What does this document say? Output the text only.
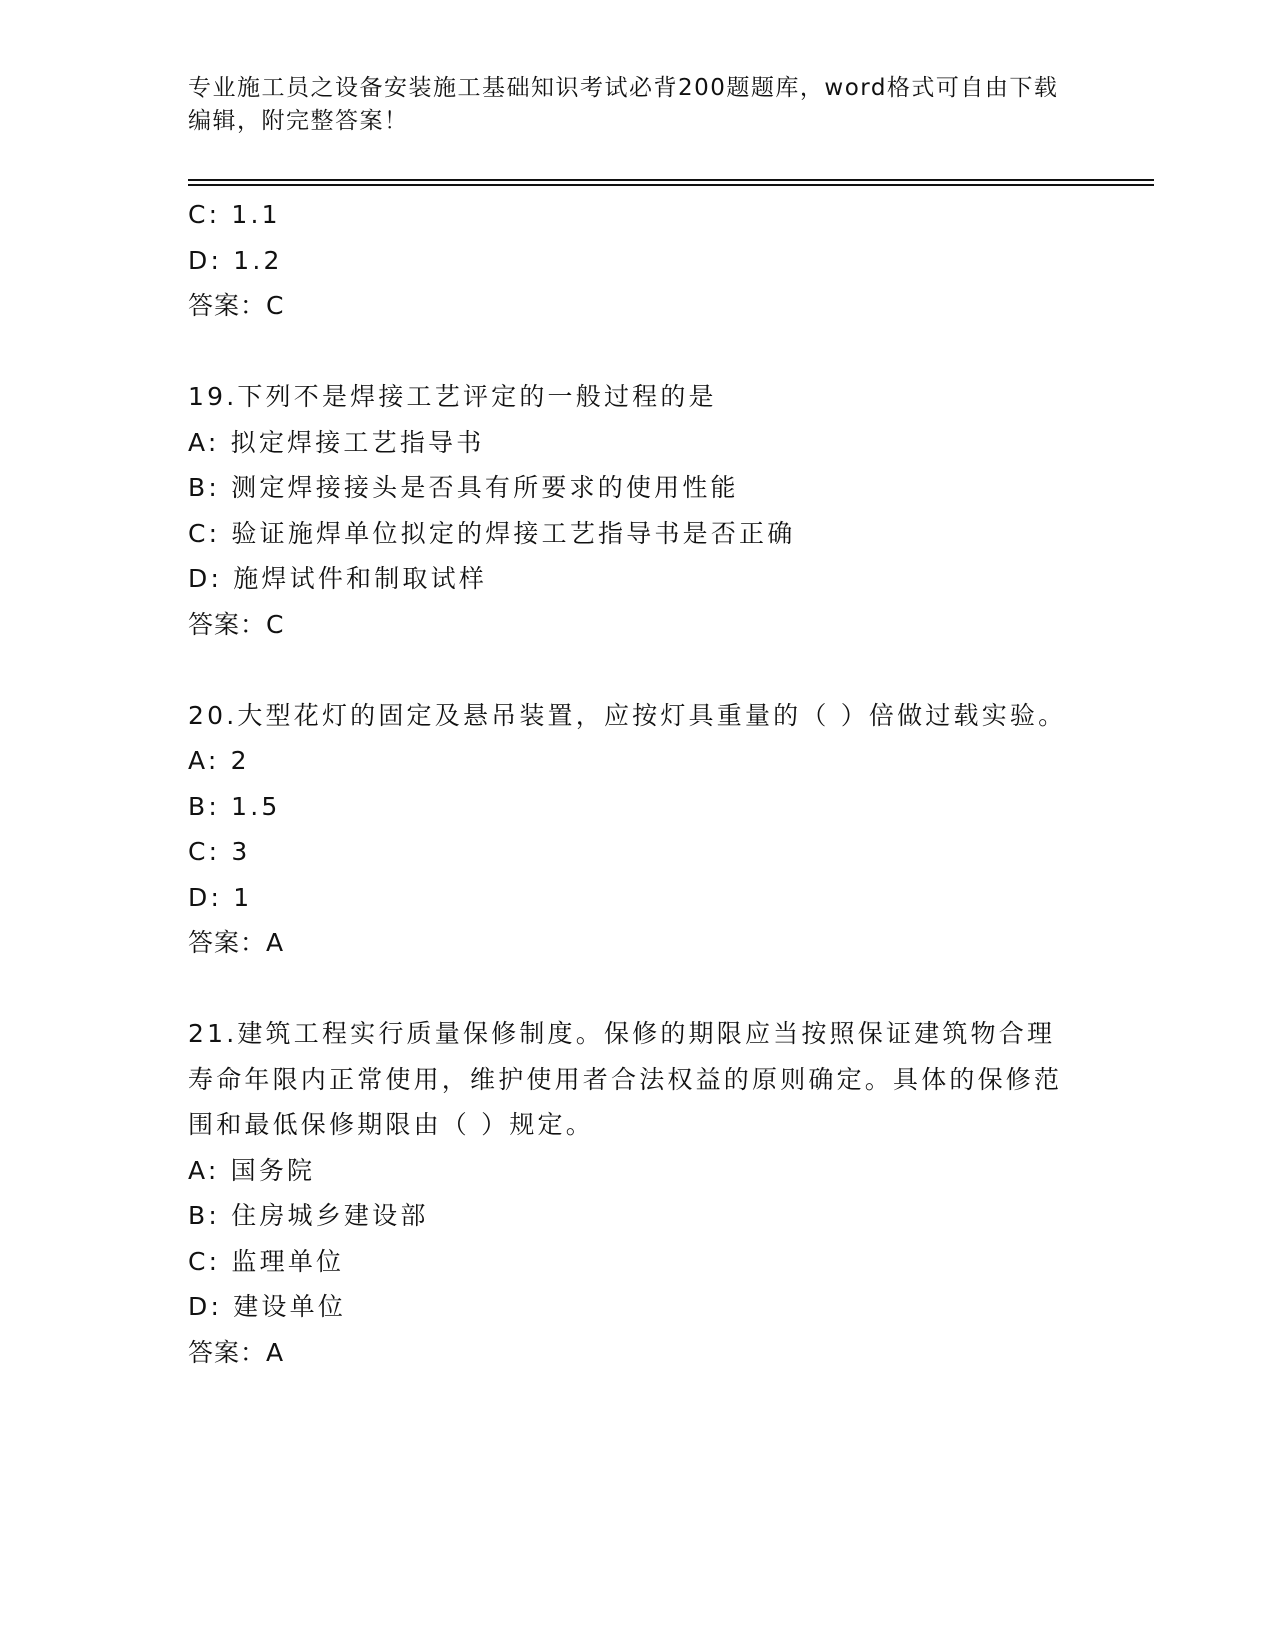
专业施工员之设备安装施工基础知识考试必背200题题库，word格式可自由下载编辑，附完整答案！
C: 1.1
D: 1.2
答案：C
19.下列不是焊接工艺评定的一般过程的是
A: 拟定焊接工艺指导书
B: 测定焊接接头是否具有所要求的使用性能
C: 验证施焊单位拟定的焊接工艺指导书是否正确
D: 施焊试件和制取试样
答案：C
20.大型花灯的固定及悬吊装置，应按灯具重量的（ ）倍做过载实验。
A: 2
B: 1.5
C: 3
D: 1
答案：A
21.建筑工程实行质量保修制度。保修的期限应当按照保证建筑物合理寿命年限内正常使用，维护使用者合法权益的原则确定。具体的保修范围和最低保修期限由（ ）规定。
A: 国务院
B: 住房城乡建设部
C: 监理单位
D: 建设单位
答案：A
